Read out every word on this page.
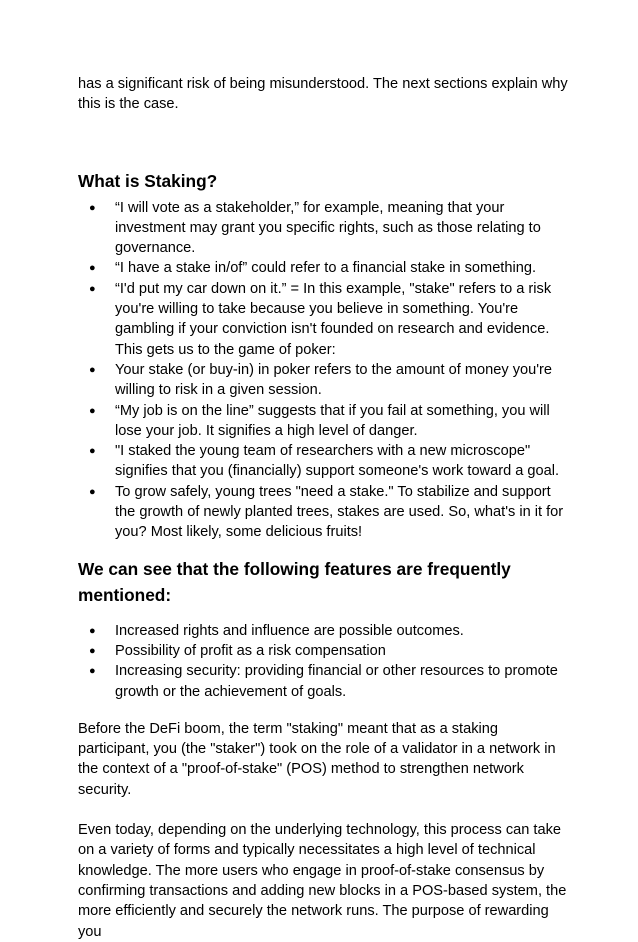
has a significant risk of being misunderstood. The next sections explain why this is the case.

What is Staking?
● “I will vote as a stakeholder,” for example, meaning that your investment may grant you specific rights, such as those relating to governance.
● “I have a stake in/of” could refer to a financial stake in something.
● “I'd put my car down on it.” = In this example, "stake" refers to a risk you're willing to take because you believe in something. You're gambling if your conviction isn't founded on research and evidence. This gets us to the game of poker:
● Your stake (or buy-in) in poker refers to the amount of money you're willing to risk in a given session.
● “My job is on the line” suggests that if you fail at something, you will lose your job. It signifies a high level of danger.
● "I staked the young team of researchers with a new microscope" signifies that you (financially) support someone's work toward a goal.
● To grow safely, young trees "need a stake." To stabilize and support the growth of newly planted trees, stakes are used. So, what's in it for you? Most likely, some delicious fruits!
We can see that the following features are frequently mentioned:
● Increased rights and influence are possible outcomes.
● Possibility of profit as a risk compensation
● Increasing security: providing financial or other resources to promote growth or the achievement of goals.

Before the DeFi boom, the term "staking" meant that as a staking participant, you (the "staker") took on the role of a validator in a network in the context of a "proof-of-stake" (POS) method to strengthen network security.

Even today, depending on the underlying technology, this process can take on a variety of forms and typically necessitates a high level of technical knowledge. The more users who engage in proof-of-stake consensus by confirming transactions and adding new blocks in a POS-based system, the more efficiently and securely the network runs. The purpose of rewarding you
